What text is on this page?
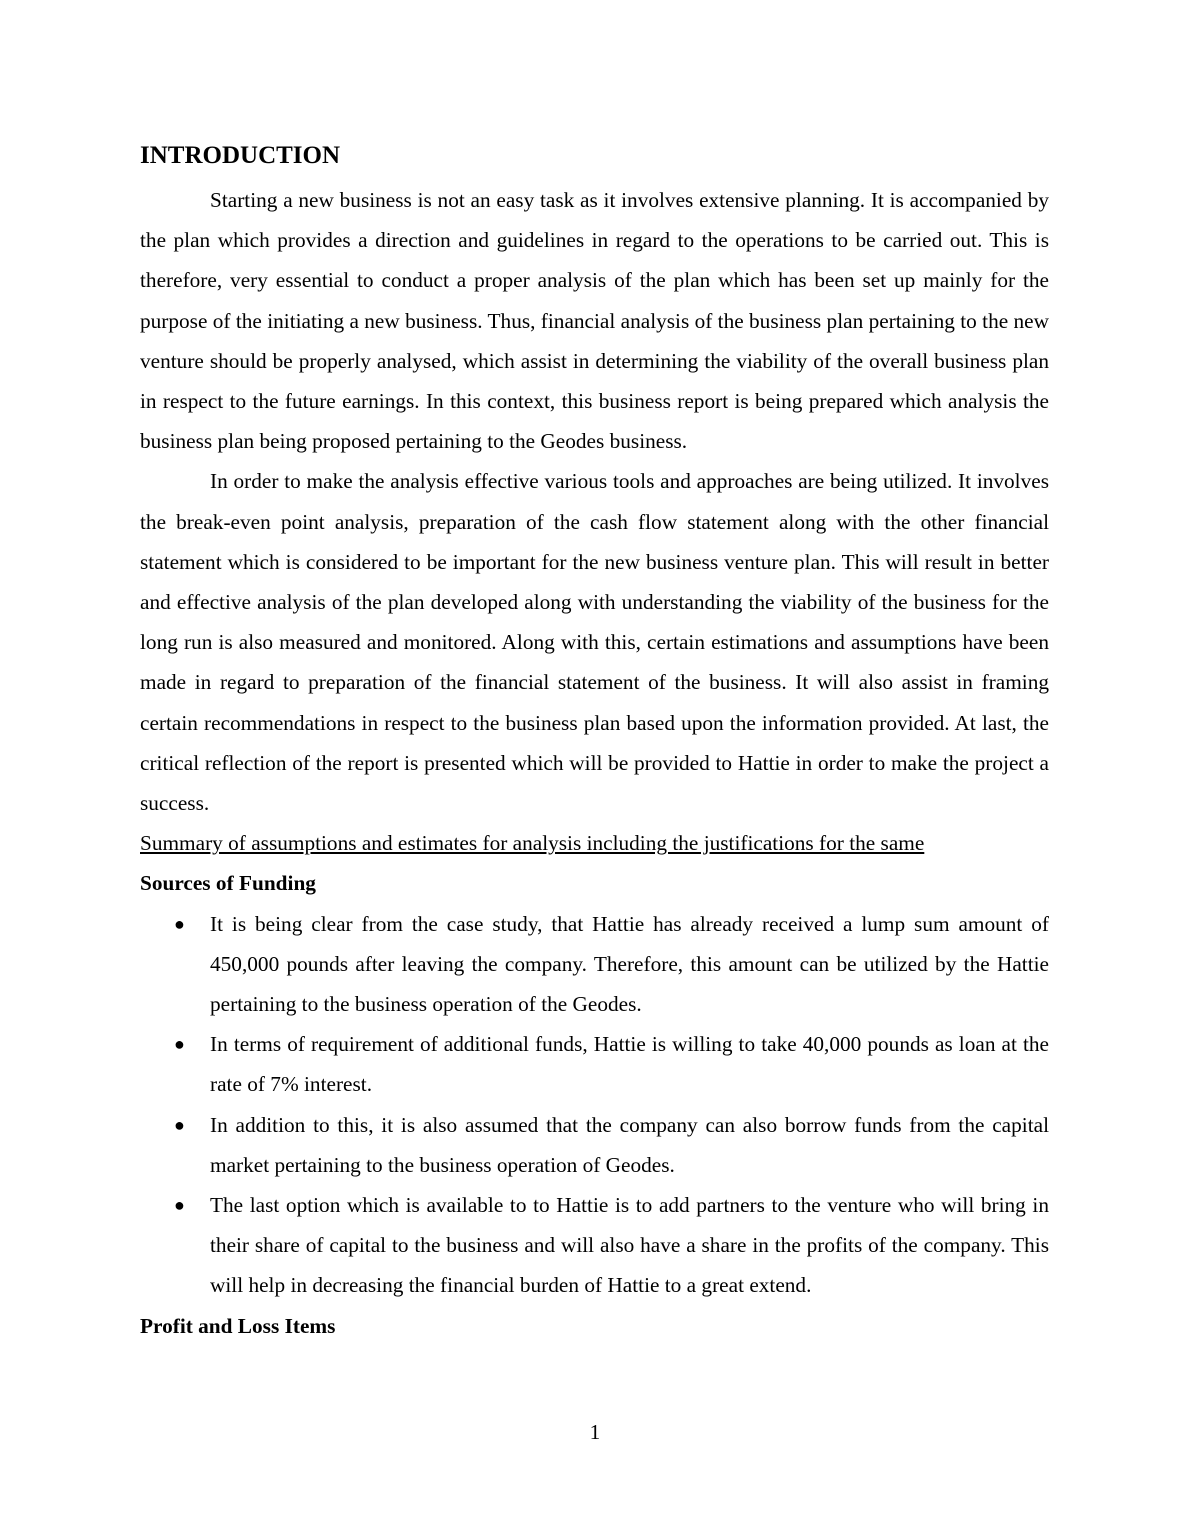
INTRODUCTION

Starting a new business is not an easy task as it involves extensive planning. It is accompanied by the plan which provides a direction and guidelines in regard to the operations to be carried out. This is therefore, very essential to conduct a proper analysis of the plan which has been set up mainly for the purpose of the initiating a new business. Thus, financial analysis of the business plan pertaining to the new venture should be properly analysed, which assist in determining the viability of the overall business plan in respect to the future earnings. In this context, this business report is being prepared which analysis the business plan being proposed pertaining to the Geodes business.

In order to make the analysis effective various tools and approaches are being utilized. It involves the break-even point analysis, preparation of the cash flow statement along with the other financial statement which is considered to be important for the new business venture plan. This will result in better and effective analysis of the plan developed along with understanding the viability of the business for the long run is also measured and monitored. Along with this, certain estimations and assumptions have been made in regard to preparation of the financial statement of the business. It will also assist in framing certain recommendations in respect to the business plan based upon the information provided. At last, the critical reflection of the report is presented which will be provided to Hattie in order to make the project a success.

Summary of assumptions and estimates for analysis including the justifications for the same

Sources of Funding

● It is being clear from the case study, that Hattie has already received a lump sum amount of 450,000 pounds after leaving the company. Therefore, this amount can be utilized by the Hattie pertaining to the business operation of the Geodes.
● In terms of requirement of additional funds, Hattie is willing to take 40,000 pounds as loan at the rate of 7% interest.
● In addition to this, it is also assumed that the company can also borrow funds from the capital market pertaining to the business operation of Geodes.
● The last option which is available to to Hattie is to add partners to the venture who will bring in their share of capital to the business and will also have a share in the profits of the company. This will help in decreasing the financial burden of Hattie to a great extend.

Profit and Loss Items

1
